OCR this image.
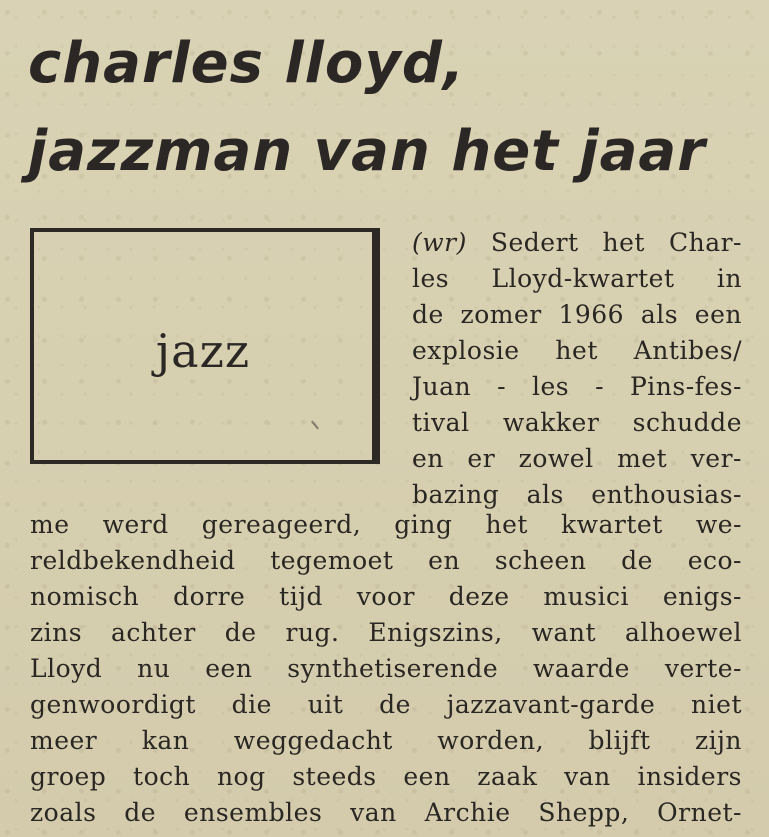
charles lloyd,
jazzman van het jaar
jazz

(wr) Sedert het Char-

les Lloyd-kwartet in

de zomer 1966 als een

explosie het Antibes/

Juan - les - Pins-fes-

tival wakker schudde

en er zowel met ver-

bazing als enthousias-

me werd gereageerd, ging het kwartet we-

reldbekendheid tegemoet en scheen de eco-

nomisch dorre tijd voor deze musici enigs-

zins achter de rug. Enigszins, want alhoewel

Lloyd nu een synthetiserende waarde verte-

genwoordigt die uit de jazzavant-garde niet

meer kan weggedacht worden, blijft zijn

groep toch nog steeds een zaak van insiders

zoals de ensembles van Archie Shepp, Ornet-
